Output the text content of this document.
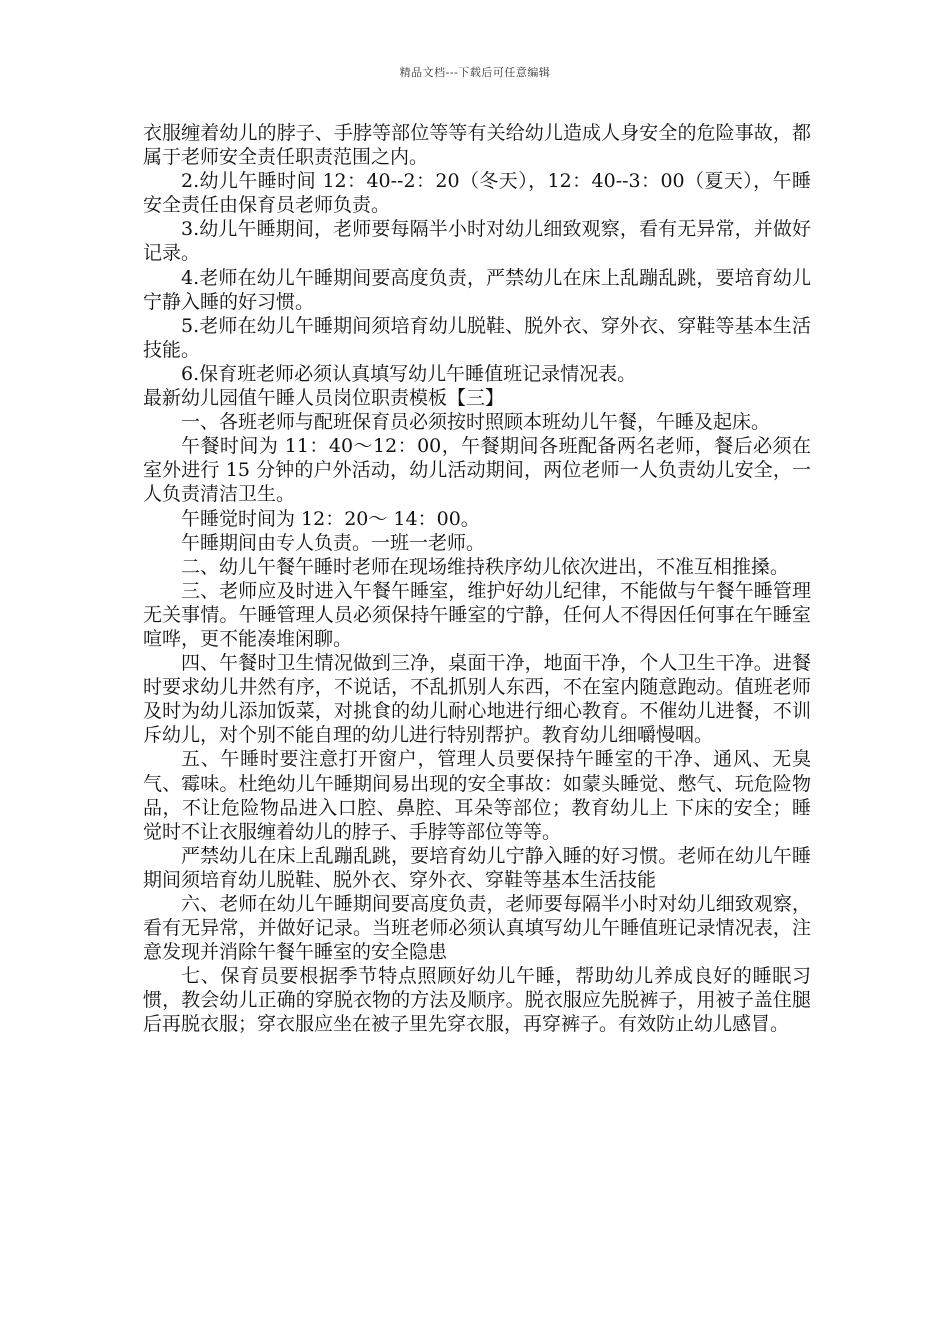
精品文档---下载后可任意编辑

衣服缠着幼儿的脖子、手脖等部位等等有关给幼儿造成人身安全的危险事故，都属于老师安全责任职责范围之内。

2.幼儿午睡时间 12：40--2：20（冬天），12：40--3：00（夏天），午睡安全责任由保育员老师负责。

3.幼儿午睡期间，老师要每隔半小时对幼儿细致观察，看有无异常，并做好记录。

4.老师在幼儿午睡期间要高度负责，严禁幼儿在床上乱蹦乱跳，要培育幼儿宁静入睡的好习惯。

5.老师在幼儿午睡期间须培育幼儿脱鞋、脱外衣、穿外衣、穿鞋等基本生活技能。

6.保育班老师必须认真填写幼儿午睡值班记录情况表。

最新幼儿园值午睡人员岗位职责模板【三】

一、各班老师与配班保育员必须按时照顾本班幼儿午餐，午睡及起床。

午餐时间为 11：40～12：00，午餐期间各班配备两名老师，餐后必须在室外进行 15 分钟的户外活动，幼儿活动期间，两位老师一人负责幼儿安全，一人负责清洁卫生。

午睡觉时间为 12：20～ 14：00。

午睡期间由专人负责。一班一老师。

二、幼儿午餐午睡时老师在现场维持秩序幼儿依次进出，不准互相推搡。

三、老师应及时进入午餐午睡室，维护好幼儿纪律，不能做与午餐午睡管理无关事情。午睡管理人员必须保持午睡室的宁静，任何人不得因任何事在午睡室喧哗，更不能凑堆闲聊。

四、午餐时卫生情况做到三净，桌面干净，地面干净，个人卫生干净。进餐时要求幼儿井然有序，不说话，不乱抓别人东西，不在室内随意跑动。值班老师及时为幼儿添加饭菜，对挑食的幼儿耐心地进行细心教育。不催幼儿进餐，不训斥幼儿，对个别不能自理的幼儿进行特别帮护。教育幼儿细嚼慢咽。

五、午睡时要注意打开窗户，管理人员要保持午睡室的干净、通风、无臭气、霉味。杜绝幼儿午睡期间易出现的安全事故：如蒙头睡觉、憋气、玩危险物品，不让危险物品进入口腔、鼻腔、耳朵等部位；教育幼儿上 下床的安全；睡觉时不让衣服缠着幼儿的脖子、手脖等部位等等。

严禁幼儿在床上乱蹦乱跳，要培育幼儿宁静入睡的好习惯。老师在幼儿午睡期间须培育幼儿脱鞋、脱外衣、穿外衣、穿鞋等基本生活技能

六、老师在幼儿午睡期间要高度负责，老师要每隔半小时对幼儿细致观察，看有无异常，并做好记录。当班老师必须认真填写幼儿午睡值班记录情况表，注意发现并消除午餐午睡室的安全隐患

七、保育员要根据季节特点照顾好幼儿午睡，帮助幼儿养成良好的睡眠习惯，教会幼儿正确的穿脱衣物的方法及顺序。脱衣服应先脱裤子，用被子盖住腿后再脱衣服；穿衣服应坐在被子里先穿衣服，再穿裤子。有效防止幼儿感冒。
